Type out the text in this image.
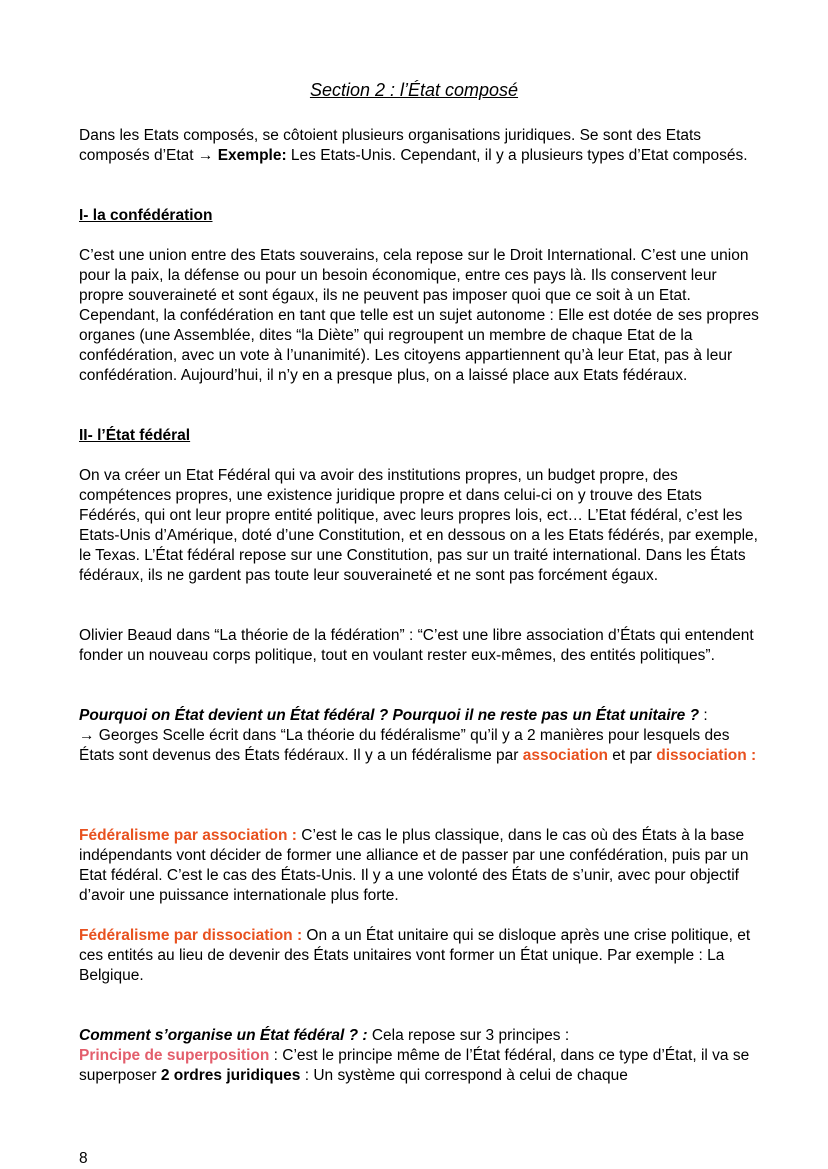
Section 2 : l’État composé

Dans les Etats composés, se côtoient plusieurs organisations juridiques. Se sont des Etats composés d’Etat → Exemple: Les Etats-Unis. Cependant, il y a plusieurs types d’Etat composés.

I- la confédération

C’est une union entre des Etats souverains, cela repose sur le Droit International. C’est une union pour la paix, la défense ou pour un besoin économique, entre ces pays là. Ils conservent leur propre souveraineté et sont égaux, ils ne peuvent pas imposer quoi que ce soit à un Etat. Cependant, la confédération en tant que telle est un sujet autonome : Elle est dotée de ses propres organes (une Assemblée, dites “la Diète” qui regroupent un membre de chaque Etat de la confédération, avec un vote à l’unanimité). Les citoyens appartiennent qu’à leur Etat, pas à leur confédération. Aujourd’hui, il n’y en a presque plus, on a laissé place aux Etats fédéraux.

II- l’État fédéral

On va créer un Etat Fédéral qui va avoir des institutions propres, un budget propre, des compétences propres, une existence juridique propre et dans celui-ci on y trouve des Etats Fédérés, qui ont leur propre entité politique, avec leurs propres lois, ect… L’Etat fédéral, c’est les Etats-Unis d’Amérique, doté d’une Constitution, et en dessous on a les Etats fédérés, par exemple, le Texas. L’État fédéral repose sur une Constitution, pas sur un traité international. Dans les États fédéraux, ils ne gardent pas toute leur souveraineté et ne sont pas forcément égaux.

Olivier Beaud dans “La théorie de la fédération” : “C’est une libre association d’États qui entendent fonder un nouveau corps politique, tout en voulant rester eux-mêmes, des entités politiques”.

Pourquoi on État devient un État fédéral ? Pourquoi il ne reste pas un État unitaire ? :

→ Georges Scelle écrit dans “La théorie du fédéralisme” qu’il y a 2 manières pour lesquels des États sont devenus des États fédéraux. Il y a un fédéralisme par association et par dissociation :

Fédéralisme par association : C’est le cas le plus classique, dans le cas où des États à la base indépendants vont décider de former une alliance et de passer par une confédération, puis par un Etat fédéral. C’est le cas des États-Unis. Il y a une volonté des États de s’unir, avec pour objectif d’avoir une puissance internationale plus forte.

Fédéralisme par dissociation : On a un État unitaire qui se disloque après une crise politique, et ces entités au lieu de devenir des États unitaires vont former un État unique. Par exemple : La Belgique.

Comment s’organise un État fédéral ? : Cela repose sur 3 principes :

Principe de superposition : C’est le principe même de l’État fédéral, dans ce type d’État, il va se superposer 2 ordres juridiques : Un système qui correspond à celui de chaque

8
